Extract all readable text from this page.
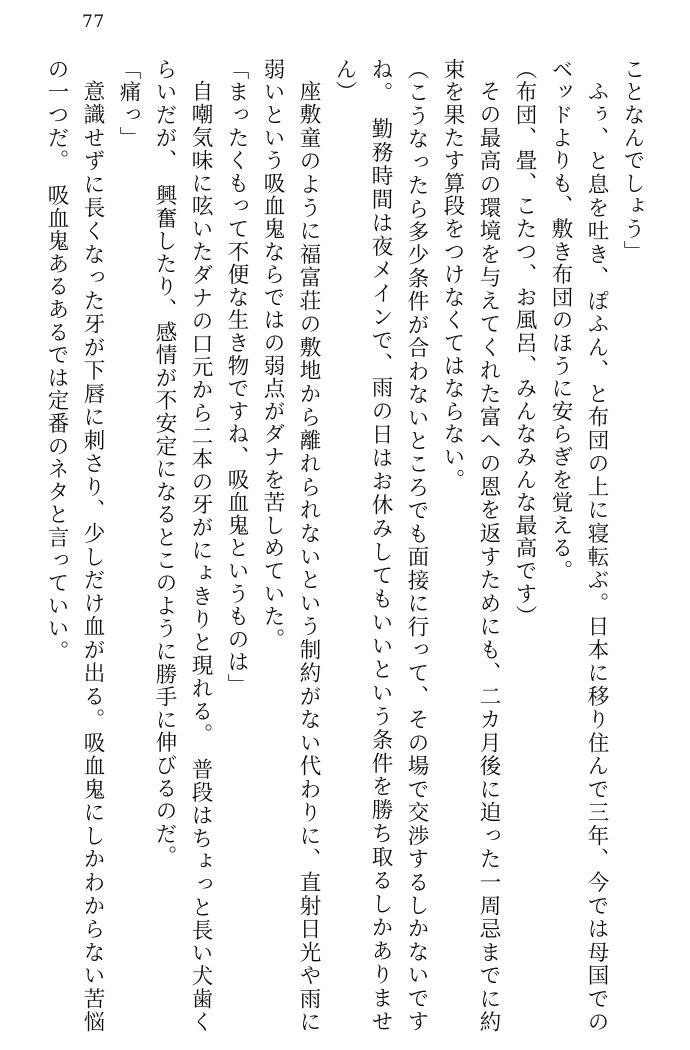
77

ことなんでしょう」

ふぅ、と息を吐き、ぽふん、と布団の上に寝転ぶ。日本に移り住んで三年、今では母国でのベッドよりも、敷き布団のほうに安らぎを覚える。

（布団、畳、こたつ、お風呂、みんなみんな最高です）

その最高の環境を与えてくれた富への恩を返すためにも、二カ月後に迫った一周忌までに約束を果たす算段をつけなくてはならない。

（こうなったら多少条件が合わないところでも面接に行って、その場で交渉するしかないですね。　勤務時間は夜メインで、雨の日はお休みしてもいいという条件を勝ち取るしかありません）

座敷童のように福富荘の敷地から離れられないという制約がない代わりに、直射日光や雨に弱いという吸血鬼ならではの弱点がダナを苦しめていた。

「まったくもって不便な生き物ですね、吸血鬼というものは」

自嘲気味に呟いたダナの口元から二本の牙がにょきりと現れる。　普段はちょっと長い犬歯くらいだが、　興奮したり、感情が不安定になるとこのように勝手に伸びるのだ。

「痛っ」

意識せずに長くなった牙が下唇に刺さり、少しだけ血が出る。吸血鬼にしかわからない苦悩の一つだ。　吸血鬼あるあるでは定番のネタと言っていい。
